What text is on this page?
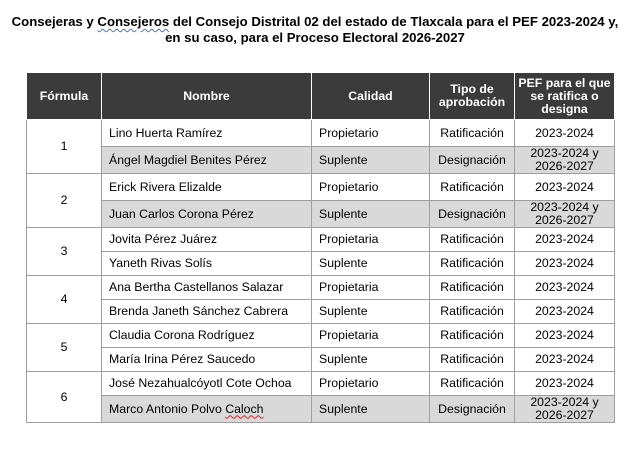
Consejeras y Consejeros del Consejo Distrital 02 del estado de Tlaxcala para el PEF 2023-2024 y,
en su caso, para el Proceso Electoral 2026-2027
Fórmula	Nombre	Calidad	Tipo de aprobación	PEF para el que se ratifica o designa
1	Lino Huerta Ramírez	Propietario	Ratificación	2023-2024
	Ángel Magdiel Benites Pérez	Suplente	Designación	2023-2024 y 2026-2027
2	Erick Rivera Elizalde	Propietario	Ratificación	2023-2024
	Juan Carlos Corona Pérez	Suplente	Designación	2023-2024 y 2026-2027
3	Jovita Pérez Juárez	Propietaria	Ratificación	2023-2024
	Yaneth Rivas Solís	Suplente	Ratificación	2023-2024
4	Ana Bertha Castellanos Salazar	Propietaria	Ratificación	2023-2024
	Brenda Janeth Sánchez Cabrera	Suplente	Ratificación	2023-2024
5	Claudia Corona Rodríguez	Propietaria	Ratificación	2023-2024
	María Irina Pérez Saucedo	Suplente	Ratificación	2023-2024
6	José Nezahualcóyotl Cote Ochoa	Propietario	Ratificación	2023-2024
	Marco Antonio Polvo Caloch	Suplente	Designación	2023-2024 y 2026-2027
